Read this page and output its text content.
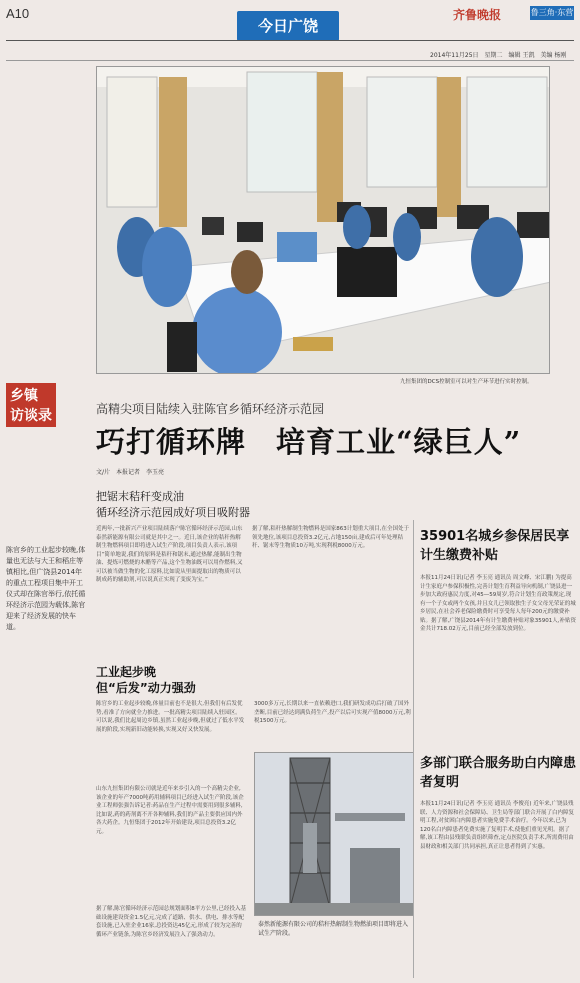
A10
今日广饶
齐鲁晚报	鲁三角·东营
2014年11月25日　星期二　编辑 王凯　美编 杨刚
九恒集团的DCS控制室可以对生产环节进行实时控制。
乡镇
访谈录

陈官乡的工业起步较晚,体量也无法与大王和稻庄等镇相比,但广饶县2014年的重点工程项目集中开工仪式却在陈官举行,依托循环经济示范园为载体,陈官迎来了经济发展的快车道。

高精尖项目陆续入驻陈官乡循环经济示范园
巧打循环牌　培育工业“绿巨人”
文/片　本报记者　李玉亮
把锯末秸秆变成油
循环经济示范园成好项目吸附器

近两年,一批新兴产业项目陆续落户陈官循环经济示范园,山东泰然新能源有限公司就是其中之一。近日,该企业的秸秆热解制生物燃料项目即将进入试生产阶段,项目负责人表示,该项目“简单地说,我们的原料是秸秆和锯末,通过热解,能制出生物油、提炼可燃烧的木醋等产品,这个生物油既可以用作燃料,又可以被当做生物的化工原料,比如说从里面提取出的物质可以制成药的辅助剂,可以说真正实现了变废为宝。”

据了解,秸秆热解制生物燃料是国家863计划重大项目,在全国处于领先地位,该项目总投资3.2亿元,占地150亩,建成后可年处理秸秆、锯末等生物质10万吨,实现利税8000万元。

工业起步晚
但“后发”动力强劲

陈官乡的工业起步较晚,体量目前也不是很大,但我们有后发优势,看准了方向就全力推进。一批高精尖项目陆续入驻园区。可以说,我们比起周边乡镇,虽然工业起步晚,但就过了低水平发展的阶段,实现新旧动能转换,实现又好又快发展。

山东九恒集团有限公司就是近年来乡引入的一个高精尖企业,该企业的年产7000吨药用辅料项目已经进入试生产阶段,该企业工程师张强告诉记者:药品在生产过程中需要用到很多辅料,比如说,药的药剂离不开各种辅料,我们的产品主要供应国内外各大药企。九恒集团于2012年开始建设,项目总投资3.2亿元。

3000多万元,长期以来一直依赖进口,我们研发成功后打破了国外垄断,目前已经达到满负荷生产,投产以后可实现产值8000万元,利税1500万元。

泰然新能源有限公司的秸秆热解制生物燃油项目即将进入试生产阶段。

据了解,陈官循环经济示范园总规划面积8平方公里,已经投入基础设施建设资金1.5亿元,完成了道路、供水、供电、排水等配套设施,已入驻企业16家,总投资达45亿元,形成了较为完善的循环产业链条,为陈官乡经济发展注入了强劲动力。

35901名城乡参保居民享计生缴费补贴

本报11月24日讯(记者 李玉亮 通讯员 周文峰、宋江鹏) 为提高计生家庭户参保积极性,完善计划生育利益导向机制,广饶县进一步加大政府惠民力度,对45—59周岁,符合计划生育政策规定,现有一个子女或两个女孩,并且女儿已领取独生子女父母光荣证的城乡居民,在社会养老保险缴费时可享受每人每年200元的缴费补贴。据了解,广饶县2014年有计生缴费补贴对象35901人,补贴资金共计718.02万元,目前已经全部发放到位。

多部门联合服务助白内障患者复明

本报11月24日讯(记者 李玉亮 通讯员 李俊亮) 近年来,广饶县残联、人力资源和社会保障局、卫生局等部门联合开展了白内障复明工程,对贫困白内障患者实施免费手术治疗。今年以来,已为120名白内障患者免费实施了复明手术,使他们重见光明。据了解,该工程由县残联负责组织筛查,定点医院负责手术,所需费用由县财政和相关部门共同承担,真正让患者得到了实惠。
